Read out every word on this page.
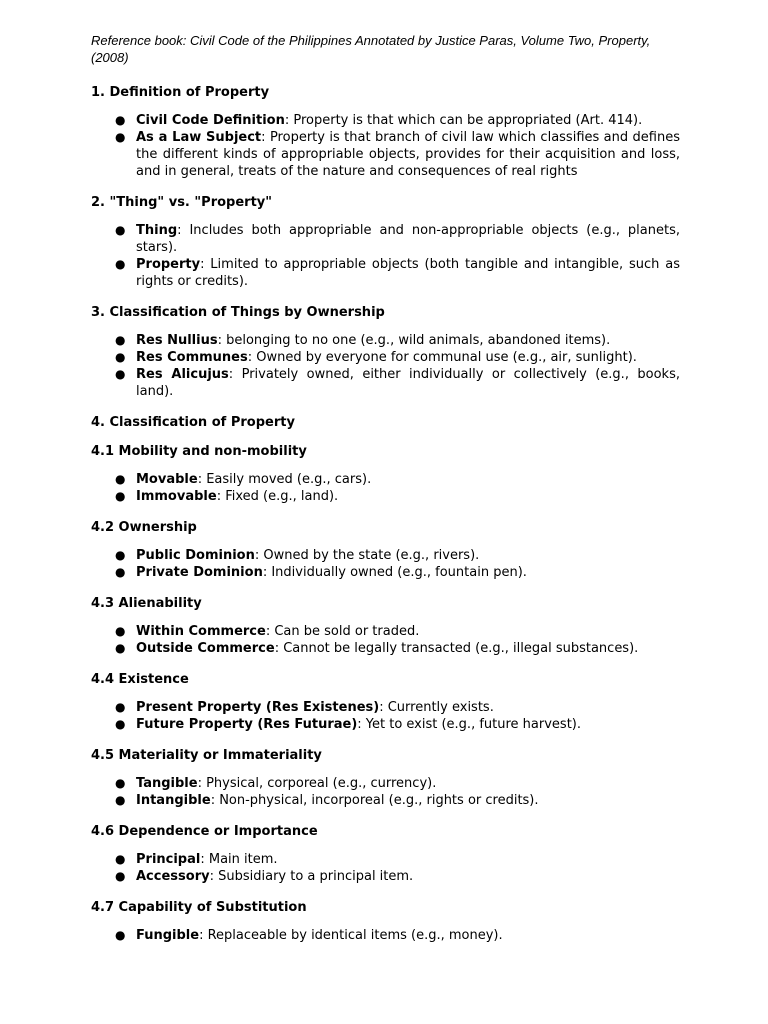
Reference book: Civil Code of the Philippines Annotated by Justice Paras, Volume Two, Property, (2008)

1. Definition of Property
● Civil Code Definition: Property is that which can be appropriated (Art. 414).
● As a Law Subject: Property is that branch of civil law which classifies and defines the different kinds of appropriable objects, provides for their acquisition and loss, and in general, treats of the nature and consequences of real rights
2. "Thing" vs. "Property"
● Thing: Includes both appropriable and non-appropriable objects (e.g., planets, stars).
● Property: Limited to appropriable objects (both tangible and intangible, such as rights or credits).
3. Classification of Things by Ownership
● Res Nullius: belonging to no one (e.g., wild animals, abandoned items).
● Res Communes: Owned by everyone for communal use (e.g., air, sunlight).
● Res Alicujus: Privately owned, either individually or collectively (e.g., books, land).
4. Classification of Property
4.1 Mobility and non-mobility
● Movable: Easily moved (e.g., cars).
● Immovable: Fixed (e.g., land).
4.2 Ownership
● Public Dominion: Owned by the state (e.g., rivers).
● Private Dominion: Individually owned (e.g., fountain pen).
4.3 Alienability
● Within Commerce: Can be sold or traded.
● Outside Commerce: Cannot be legally transacted (e.g., illegal substances).
4.4 Existence
● Present Property (Res Existenes): Currently exists.
● Future Property (Res Futurae): Yet to exist (e.g., future harvest).
4.5 Materiality or Immateriality
● Tangible: Physical, corporeal (e.g., currency).
● Intangible: Non-physical, incorporeal (e.g., rights or credits).
4.6 Dependence or Importance
● Principal: Main item.
● Accessory: Subsidiary to a principal item.
4.7 Capability of Substitution
● Fungible: Replaceable by identical items (e.g., money).
